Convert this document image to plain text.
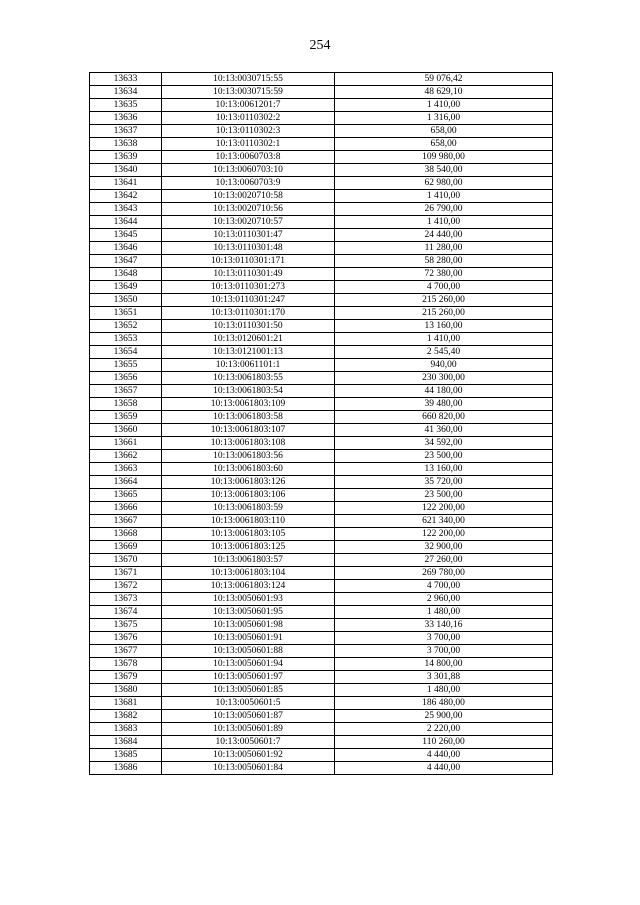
254
13633	10:13:0030715:55	59 076,42
13634	10:13:0030715:59	48 629,10
13635	10:13:0061201:7	1 410,00
13636	10:13:0110302:2	1 316,00
13637	10:13:0110302:3	658,00
13638	10:13:0110302:1	658,00
13639	10:13:0060703:8	109 980,00
13640	10:13:0060703:10	38 540,00
13641	10:13:0060703:9	62 980,00
13642	10:13:0020710:58	1 410,00
13643	10:13:0020710:56	26 790,00
13644	10:13:0020710:57	1 410,00
13645	10:13:0110301:47	24 440,00
13646	10:13:0110301:48	11 280,00
13647	10:13:0110301:171	58 280,00
13648	10:13:0110301:49	72 380,00
13649	10:13:0110301:273	4 700,00
13650	10:13:0110301:247	215 260,00
13651	10:13:0110301:170	215 260,00
13652	10:13:0110301:50	13 160,00
13653	10:13:0120601:21	1 410,00
13654	10:13:0121001:13	2 545,40
13655	10:13:0061101:1	940,00
13656	10:13:0061803:55	230 300,00
13657	10:13:0061803:54	44 180,00
13658	10:13:0061803:109	39 480,00
13659	10:13:0061803:58	660 820,00
13660	10:13:0061803:107	41 360,00
13661	10:13:0061803:108	34 592,00
13662	10:13:0061803:56	23 500,00
13663	10:13:0061803:60	13 160,00
13664	10:13:0061803:126	35 720,00
13665	10:13:0061803:106	23 500,00
13666	10:13:0061803:59	122 200,00
13667	10:13:0061803:110	621 340,00
13668	10:13:0061803:105	122 200,00
13669	10:13:0061803:125	32 900,00
13670	10:13:0061803:57	27 260,00
13671	10:13:0061803:104	269 780,00
13672	10:13:0061803:124	4 700,00
13673	10:13:0050601:93	2 960,00
13674	10:13:0050601:95	1 480,00
13675	10:13:0050601:98	33 140,16
13676	10:13:0050601:91	3 700,00
13677	10:13:0050601:88	3 700,00
13678	10:13:0050601:94	14 800,00
13679	10:13:0050601:97	3 301,88
13680	10:13:0050601:85	1 480,00
13681	10:13:0050601:5	186 480,00
13682	10:13:0050601:87	25 900,00
13683	10:13:0050601:89	2 220,00
13684	10:13:0050601:7	110 260,00
13685	10:13:0050601:92	4 440,00
13686	10:13:0050601:84	4 440,00
